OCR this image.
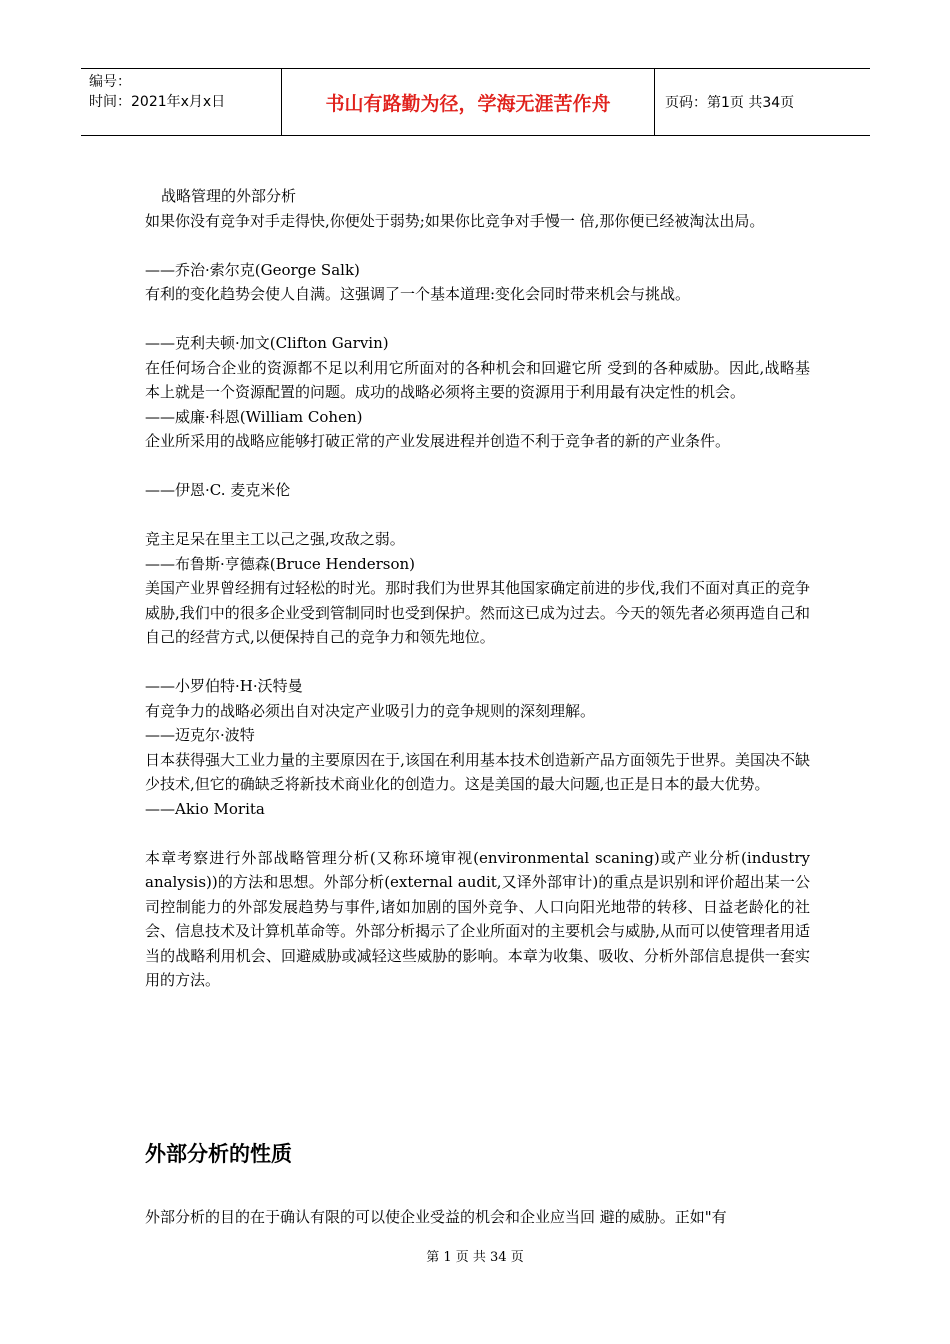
编号：
时间：2021年x月x日	书山有路勤为径，学海无涯苦作舟	页码：第1页 共34页

战略管理的外部分析

如果你没有竞争对手走得快,你便处于弱势;如果你比竞争对手慢一 倍,那你便已经被淘汰出局。

——乔治·索尔克(George Salk)

有利的变化趋势会使人自满。这强调了一个基本道理:变化会同时带来机会与挑战。

——克利夫顿·加文(Clifton Garvin)

在任何场合企业的资源都不足以利用它所面对的各种机会和回避它所 受到的各种威胁。因此,战略基本上就是一个资源配置的问题。成功的战略必须将主要的资源用于利用最有决定性的机会。

——威廉·科恩(William Cohen)

企业所采用的战略应能够打破正常的产业发展进程并创造不利于竞争者的新的产业条件。

——伊恩·C. 麦克米伦

竞主足呆在里主工以己之强,攻敌之弱。

——布鲁斯·亨德森(Bruce Henderson)

美国产业界曾经拥有过轻松的时光。那时我们为世界其他国家确定前进的步伐,我们不面对真正的竞争威胁,我们中的很多企业受到管制同时也受到保护。然而这已成为过去。今天的领先者必须再造自己和自己的经营方式,以便保持自己的竞争力和领先地位。

——小罗伯特·H·沃特曼

有竞争力的战略必须出自对决定产业吸引力的竞争规则的深刻理解。

——迈克尔·波特

日本获得强大工业力量的主要原因在于,该国在利用基本技术创造新产品方面领先于世界。美国决不缺少技术,但它的确缺乏将新技术商业化的创造力。这是美国的最大问题,也正是日本的最大优势。

——Akio Morita

本章考察进行外部战略管理分析(又称环境审视(environmental scaning)或产业分析(industry analysis))的方法和思想。外部分析(external audit,又译外部审计)的重点是识别和评价超出某一公司控制能力的外部发展趋势与事件,诸如加剧的国外竞争、人口向阳光地带的转移、日益老龄化的社会、信息技术及计算机革命等。外部分析揭示了企业所面对的主要机会与威胁,从而可以使管理者用适当的战略利用机会、回避威胁或减轻这些威胁的影响。本章为收集、吸收、分析外部信息提供一套实用的方法。

外部分析的性质

外部分析的目的在于确认有限的可以使企业受益的机会和企业应当回 避的威胁。正如"有

第 1 页 共 34 页
